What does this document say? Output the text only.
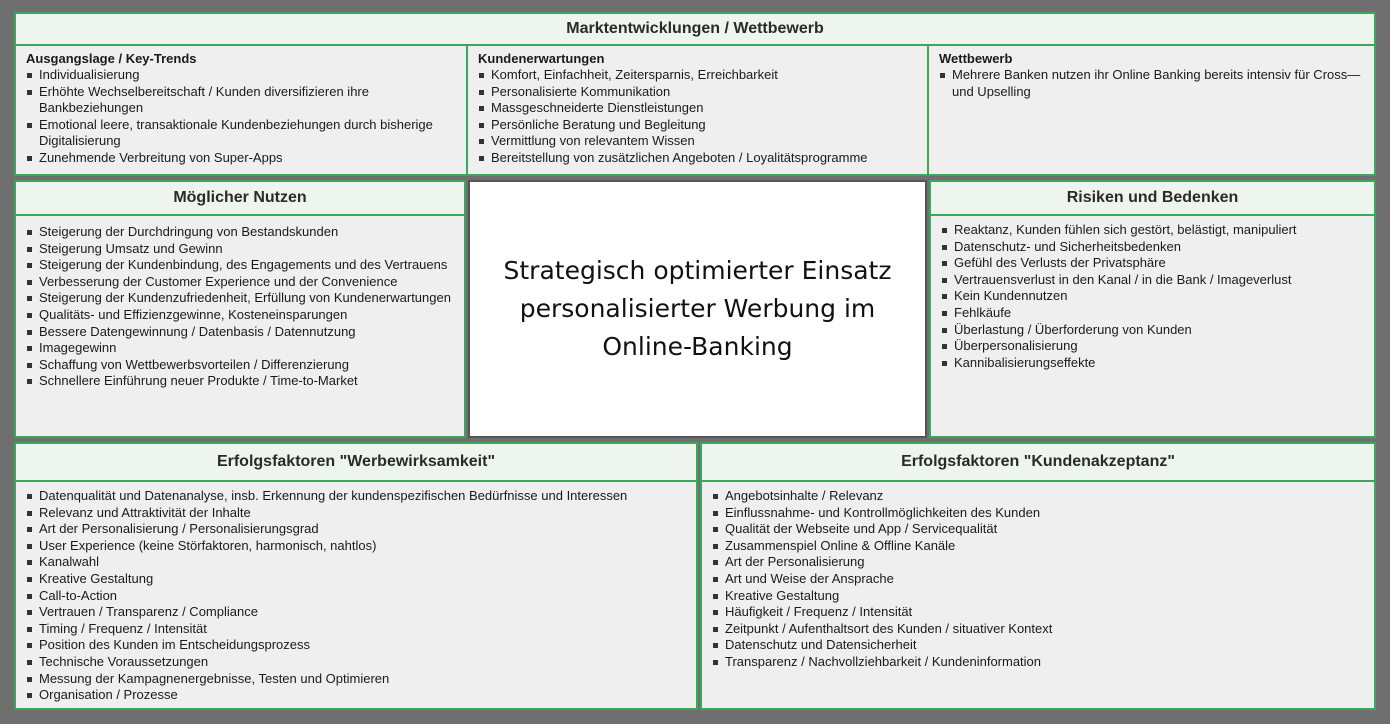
Marktentwicklungen / Wettbewerb
Ausgangslage / Key-Trends
Individualisierung
Erhöhte Wechselbereitschaft / Kunden diversifizieren ihre Bankbeziehungen
Emotional leere, transaktionale Kundenbeziehungen durch bisherige Digitalisierung
Zunehmende Verbreitung von Super-Apps
Kundenerwartungen
Komfort, Einfachheit, Zeitersparnis, Erreichbarkeit
Personalisierte Kommunikation
Massgeschneiderte Dienstleistungen
Persönliche Beratung und Begleitung
Vermittlung von relevantem Wissen
Bereitstellung von zusätzlichen Angeboten / Loyalitätsprogramme
Wettbewerb
Mehrere Banken nutzen ihr Online Banking bereits intensiv für Cross—und Upselling
Möglicher Nutzen
Steigerung der Durchdringung von Bestandskunden
Steigerung Umsatz und Gewinn
Steigerung der Kundenbindung, des Engagements und des Vertrauens
Verbesserung der Customer Experience und der Convenience
Steigerung der Kundenzufriedenheit, Erfüllung von Kundenerwartungen
Qualitäts- und Effizienzgewinne, Kosteneinsparungen
Bessere Datengewinnung / Datenbasis / Datennutzung
Imagegewinn
Schaffung von Wettbewerbsvorteilen / Differenzierung
Schnellere Einführung neuer Produkte / Time-to-Market
Strategisch optimierter Einsatz personalisierter Werbung im Online-Banking
Risiken und Bedenken
Reaktanz, Kunden fühlen sich gestört, belästigt, manipuliert
Datenschutz- und Sicherheitsbedenken
Gefühl des Verlusts der Privatsphäre
Vertrauensverlust in den Kanal / in die Bank / Imageverlust
Kein Kundennutzen
Fehlkäufe
Überlastung / Überforderung von Kunden
Überpersonalisierung
Kannibalisierungseffekte
Erfolgsfaktoren "Werbewirksamkeit"
Datenqualität und Datenanalyse, insb. Erkennung der kundenspezifischen Bedürfnisse und Interessen
Relevanz und Attraktivität der Inhalte
Art der Personalisierung / Personalisierungsgrad
User Experience (keine Störfaktoren, harmonisch, nahtlos)
Kanalwahl
Kreative Gestaltung
Call-to-Action
Vertrauen / Transparenz / Compliance
Timing / Frequenz / Intensität
Position des Kunden im Entscheidungsprozess
Technische Voraussetzungen
Messung der Kampagnenergebnisse, Testen und Optimieren
Organisation / Prozesse
Erfolgsfaktoren "Kundenakzeptanz"
Angebotsinhalte / Relevanz
Einflussnahme- und Kontrollmöglichkeiten des Kunden
Qualität der Webseite und App / Servicequalität
Zusammenspiel Online & Offline Kanäle
Art der Personalisierung
Art und Weise der Ansprache
Kreative Gestaltung
Häufigkeit / Frequenz / Intensität
Zeitpunkt / Aufenthaltsort des Kunden / situativer Kontext
Datenschutz und Datensicherheit
Transparenz / Nachvollziehbarkeit / Kundeninformation
